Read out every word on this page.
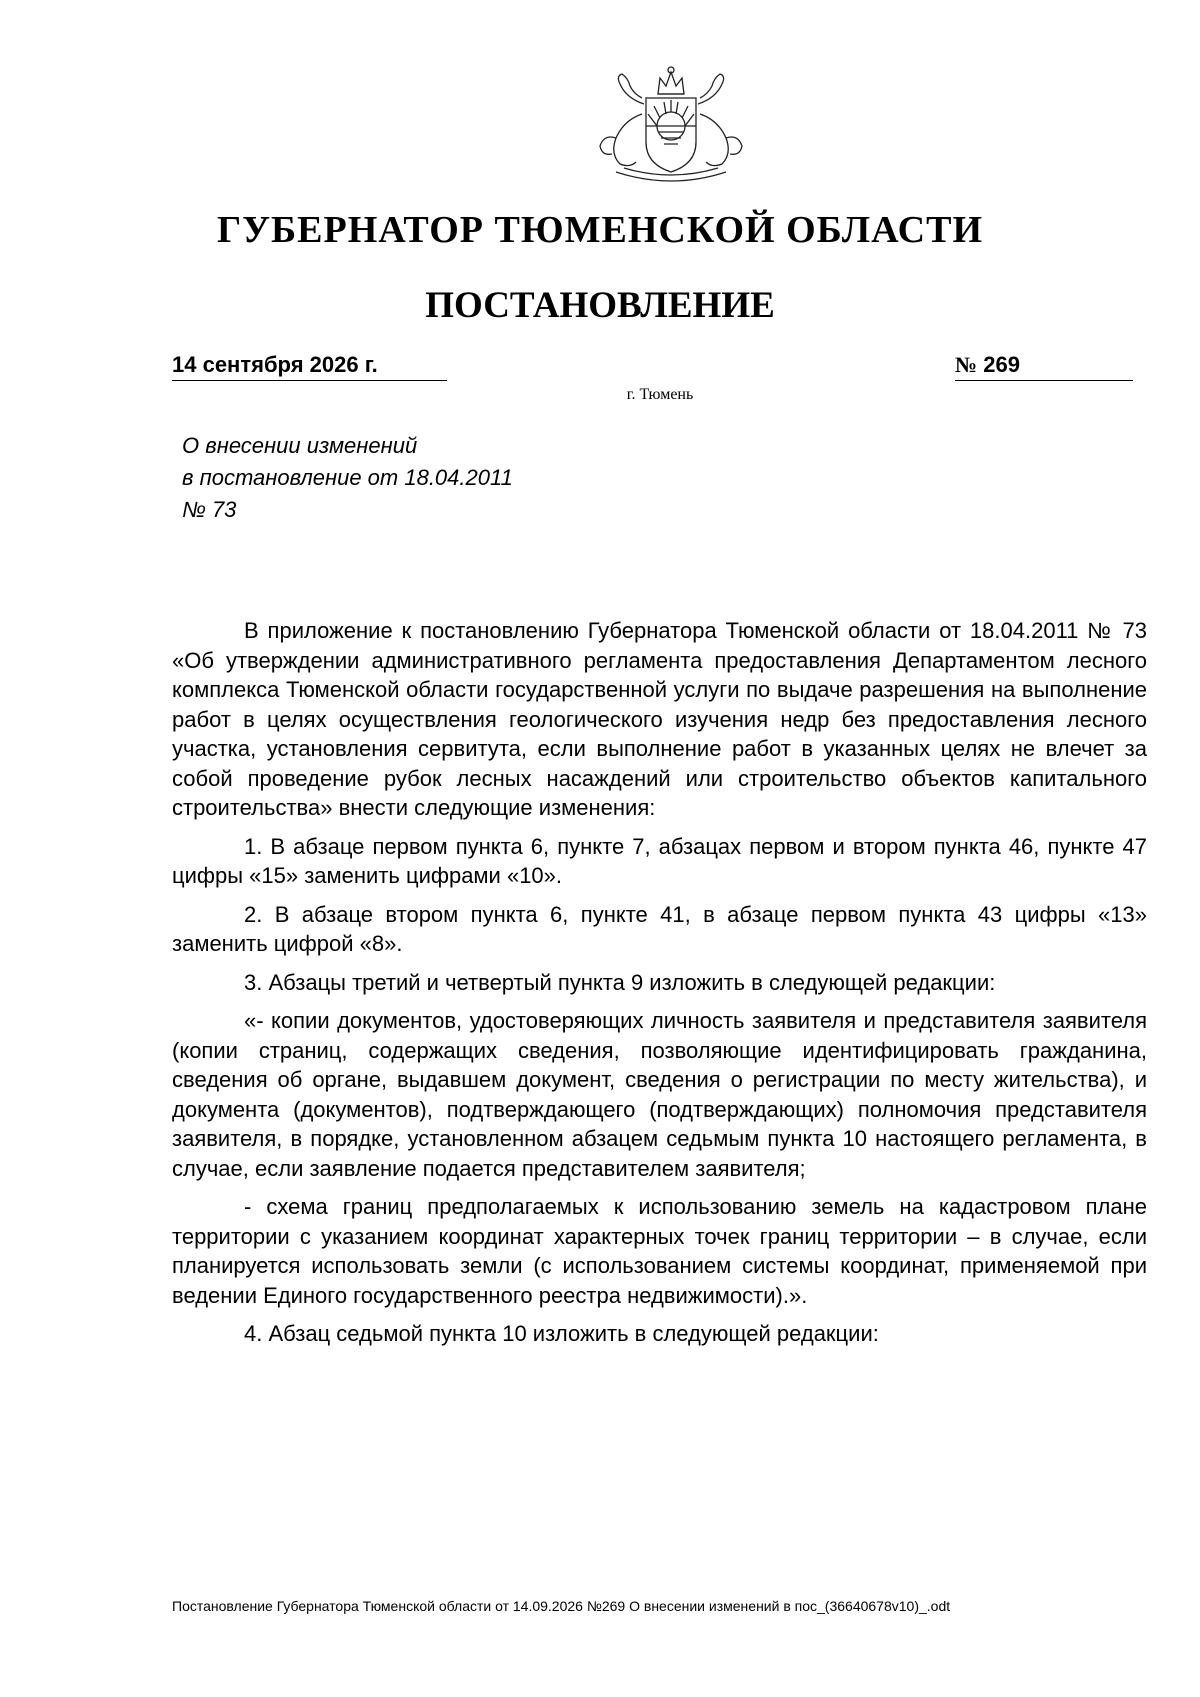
ГУБЕРНАТОР ТЮМЕНСКОЙ ОБЛАСТИ
ПОСТАНОВЛЕНИЕ
14 сентября 2026 г.	№ 269
г. Тюмень
О внесении изменений
в постановление от 18.04.2011
№ 73

В приложение к постановлению Губернатора Тюменской области от 18.04.2011 № 73 «Об утверждении административного регламента предоставления Департаментом лесного комплекса Тюменской области государственной услуги по выдаче разрешения на выполнение работ в целях осуществления геологического изучения недр без предоставления лесного участка, установления сервитута, если выполнение работ в указанных целях не влечет за собой проведение рубок лесных насаждений или строительство объектов капитального строительства» внести следующие изменения:

1. В абзаце первом пункта 6, пункте 7, абзацах первом и втором пункта 46, пункте 47 цифры «15» заменить цифрами «10».

2. В абзаце втором пункта 6, пункте 41, в абзаце первом пункта 43 цифры «13» заменить цифрой «8».

3. Абзацы третий и четвертый пункта 9 изложить в следующей редакции:

«- копии документов, удостоверяющих личность заявителя и представителя заявителя (копии страниц, содержащих сведения, позволяющие идентифицировать гражданина, сведения об органе, выдавшем документ, сведения о регистрации по месту жительства), и документа (документов), подтверждающего (подтверждающих) полномочия представителя заявителя, в порядке, установленном абзацем седьмым пункта 10 настоящего регламента, в случае, если заявление подается представителем заявителя;

- схема границ предполагаемых к использованию земель на кадастровом плане территории с указанием координат характерных точек границ территории – в случае, если планируется использовать земли (с использованием системы координат, применяемой при ведении Единого государственного реестра недвижимости).».

4. Абзац седьмой пункта 10 изложить в следующей редакции:

Постановление Губернатора Тюменской области от 14.09.2026 №269 О внесении изменений в пос_(36640678v10)_.odt
